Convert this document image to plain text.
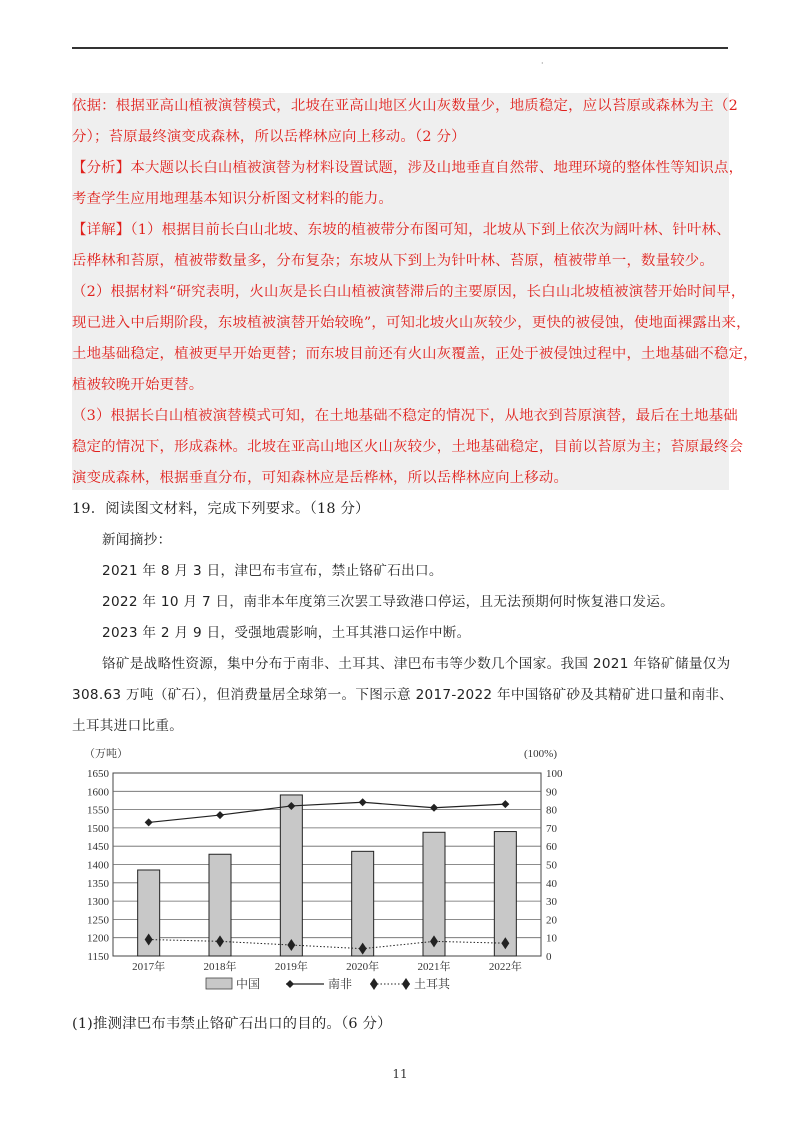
·
依据：根据亚高山植被演替模式，北坡在亚高山地区火山灰数量少，地质稳定，应以苔原或森林为主（2
分）；苔原最终演变成森林，所以岳桦林应向上移动。（2 分）
【分析】本大题以长白山植被演替为材料设置试题，涉及山地垂直自然带、地理环境的整体性等知识点，
考查学生应用地理基本知识分析图文材料的能力。
【详解】（1）根据目前长白山北坡、东坡的植被带分布图可知，北坡从下到上依次为阔叶林、针叶林、
岳桦林和苔原，植被带数量多，分布复杂；东坡从下到上为针叶林、苔原，植被带单一，数量较少。
（2）根据材料“研究表明，火山灰是长白山植被演替滞后的主要原因，长白山北坡植被演替开始时间早，
现已进入中后期阶段，东坡植被演替开始较晚”，可知北坡火山灰较少，更快的被侵蚀，使地面裸露出来，
土地基础稳定，植被更早开始更替；而东坡目前还有火山灰覆盖，正处于被侵蚀过程中，土地基础不稳定，
植被较晚开始更替。
（3）根据长白山植被演替模式可知，在土地基础不稳定的情况下，从地衣到苔原演替，最后在土地基础
稳定的情况下，形成森林。北坡在亚高山地区火山灰较少，土地基础稳定，目前以苔原为主；苔原最终会
演变成森林，根据垂直分布，可知森林应是岳桦林，所以岳桦林应向上移动。
19．阅读图文材料，完成下列要求。（18 分）
新闻摘抄：
2021 年 8 月 3 日，津巴布韦宣布，禁止铬矿石出口。
2022 年 10 月 7 日，南非本年度第三次罢工导致港口停运，且无法预期何时恢复港口发运。
2023 年 2 月 9 日，受强地震影响，土耳其港口运作中断。
铬矿是战略性资源，集中分布于南非、土耳其、津巴布韦等少数几个国家。我国 2021 年铬矿储量仅为
308.63 万吨（矿石），但消费量居全球第一。下图示意 2017-2022 年中国铬矿砂及其精矿进口量和南非、
土耳其进口比重。
（万吨）	(100%)
1150
1200
1250
1300
1350
1400
1450
1500
1550
1600
1650
0
10
20
30
40
50
60
70
80
90
100
2017年	2018年	2019年	2020年	2021年	2022年
中国	南非	土耳其
(1)推测津巴布韦禁止铬矿石出口的目的。（6 分）
11
